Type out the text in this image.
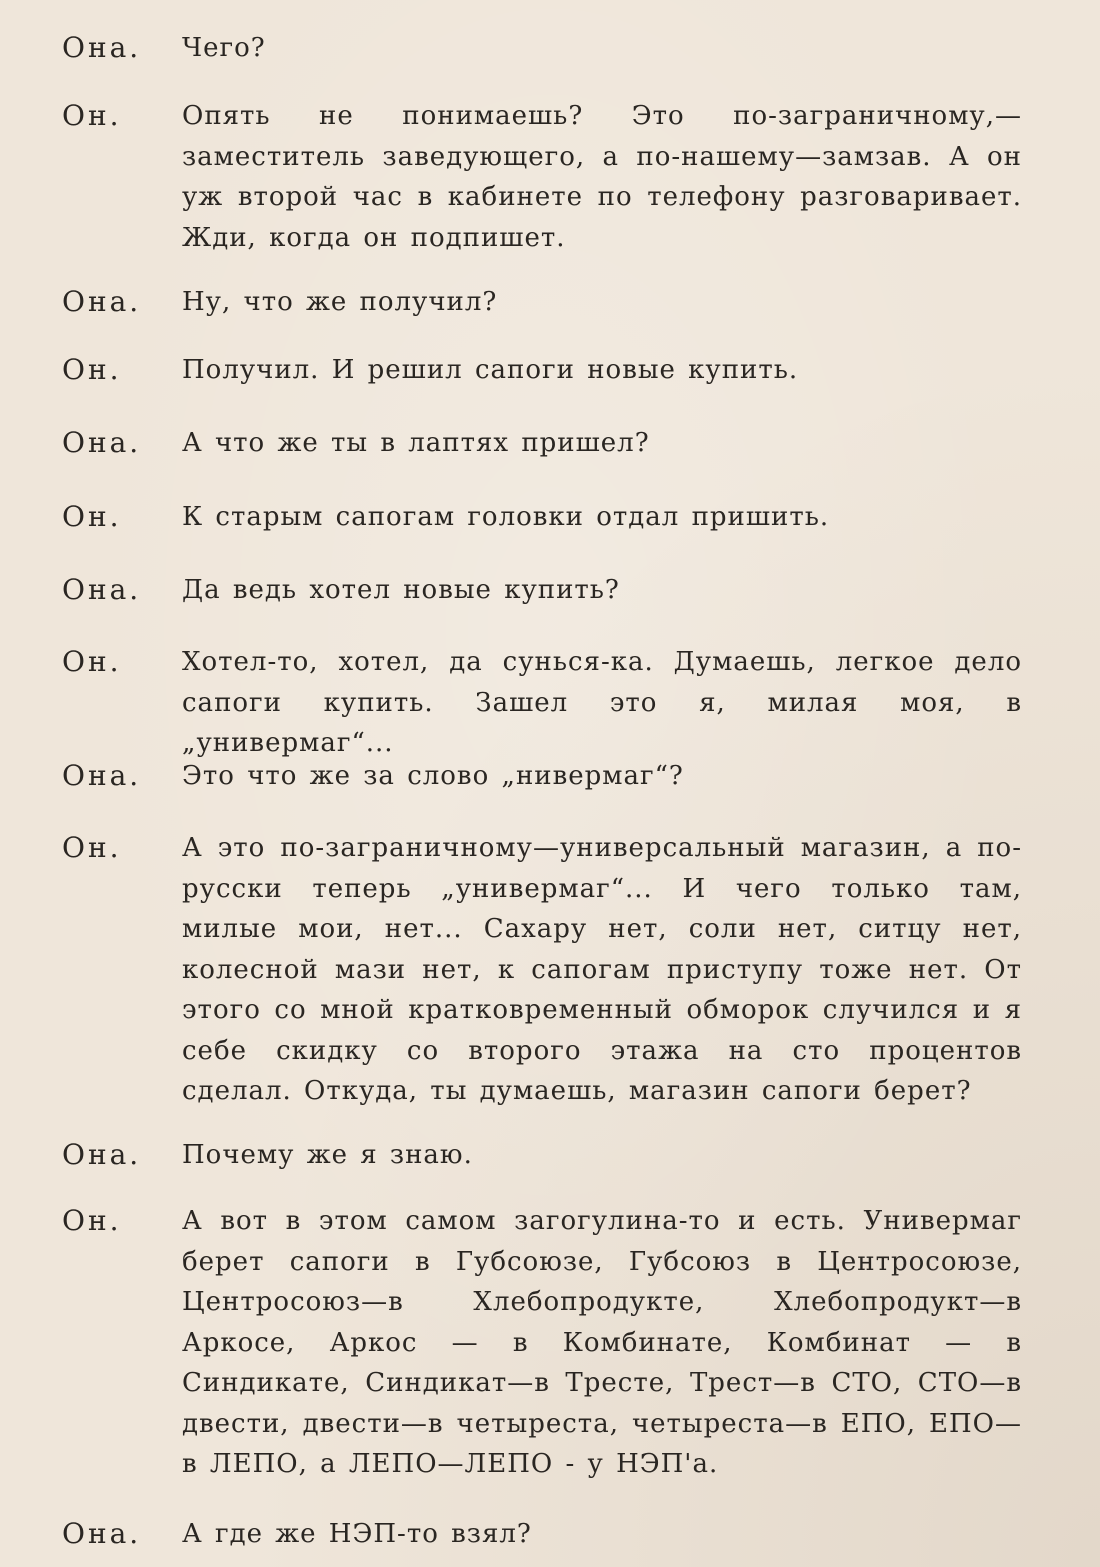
Она. Чего?
Он. Опять не понимаешь? Это по-заграничному,—заместитель заведующего, а по-нашему—замзав. А он уж второй час в кабинете по телефону разговаривает. Жди, когда он подпишет.
Она. Ну, что же получил?
Он. Получил. И решил сапоги новые купить.
Она. А что же ты в лаптях пришел?
Он. К старым сапогам головки отдал пришить.
Она. Да ведь хотел новые купить?
Он. Хотел-то, хотел, да сунься-ка. Думаешь, легкое дело сапоги купить. Зашел это я, милая моя, в „универмаг“...
Она. Это что же за слово „нивермаг“?
Он. А это по-заграничному—универсальный магазин, а по-русски теперь „универмаг“... И чего только там, милые мои, нет... Сахару нет, соли нет, ситцу нет, колесной мази нет, к сапогам приступу тоже нет. От этого со мной кратковременный обморок случился и я себе скидку со второго этажа на сто процентов сделал. Откуда, ты думаешь, магазин сапоги берет?
Она. Почему же я знаю.
Он. А вот в этом самом загогулина-то и есть. Универмаг берет сапоги в Губсоюзе, Губсоюз в Центросоюзе, Центросоюз—в Хлебопродукте, Хлебопродукт—в Аркосе, Аркос — в Комбинате, Комбинат — в Синдикате, Синдикат—в Тресте, Трест—в СТО, СТО—в двести, двести—в четыреста, четыреста—в ЕПО, ЕПО—в ЛЕПО, а ЛЕПО—ЛЕПО - у НЭП'а.
Она. А где же НЭП-то взял?
